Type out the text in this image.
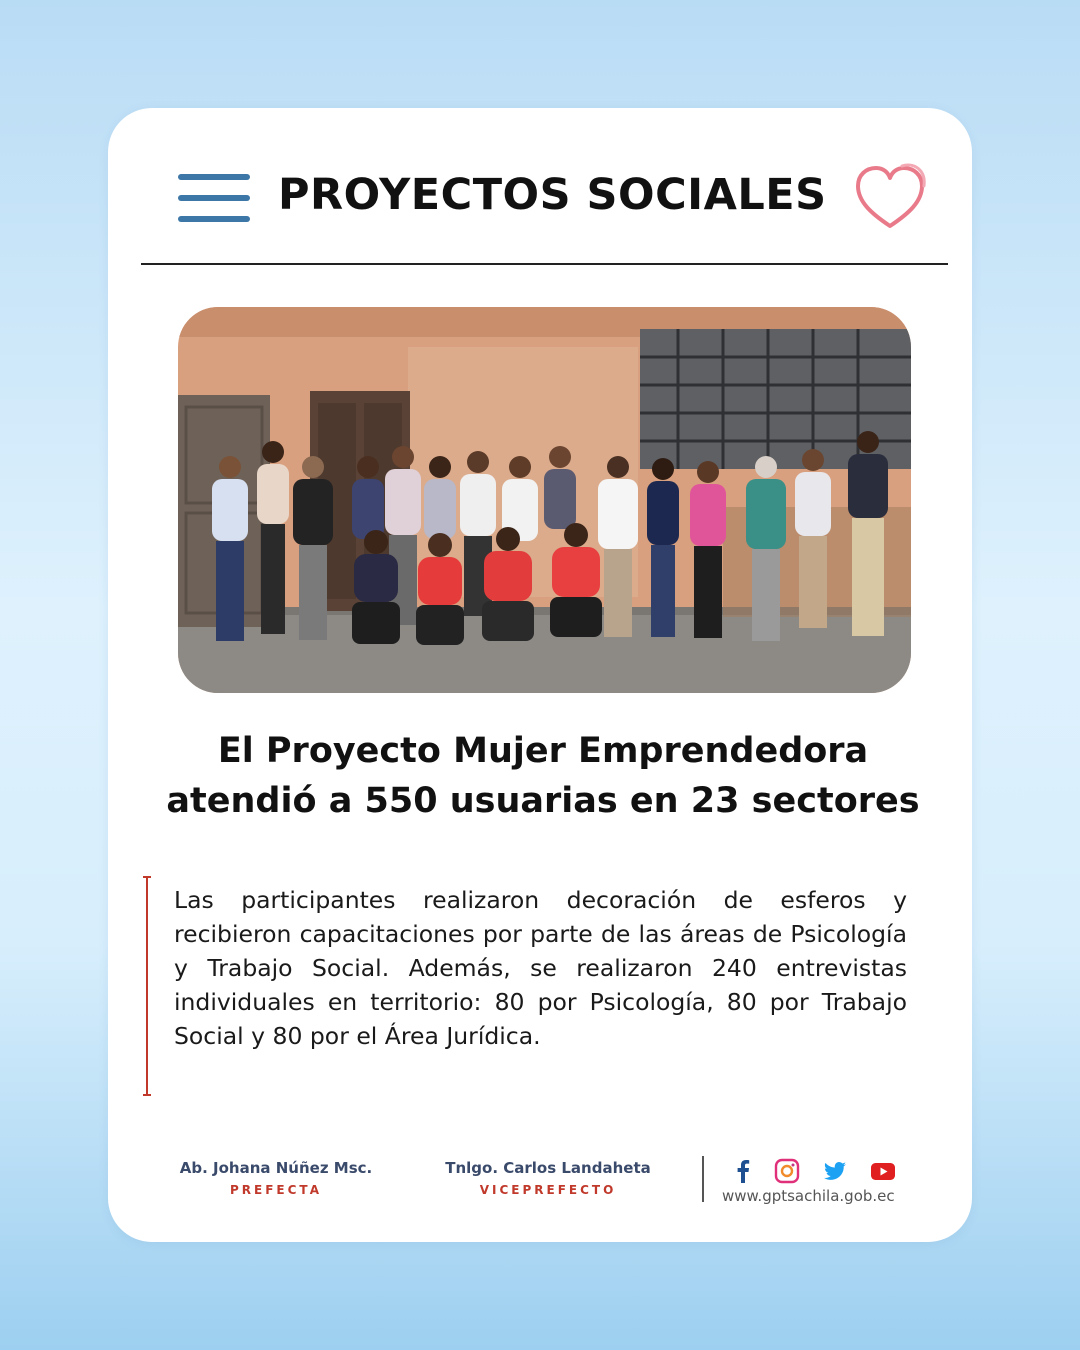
PROYECTOS SOCIALES
El Proyecto Mujer Emprendedora atendió a 550 usuarias en 23 sectores

Las participantes realizaron decoración de esferos y recibieron capacitaciones por parte de las áreas de Psicología y Trabajo Social. Además, se realizaron 240 entrevistas individuales en territorio: 80 por Psicología, 80 por Trabajo Social y 80 por el Área Jurídica.

Ab. Johana Núñez Msc.
PREFECTA
Tnlgo. Carlos Landaheta
VICEPREFECTO	www.gptsachila.gob.ec
